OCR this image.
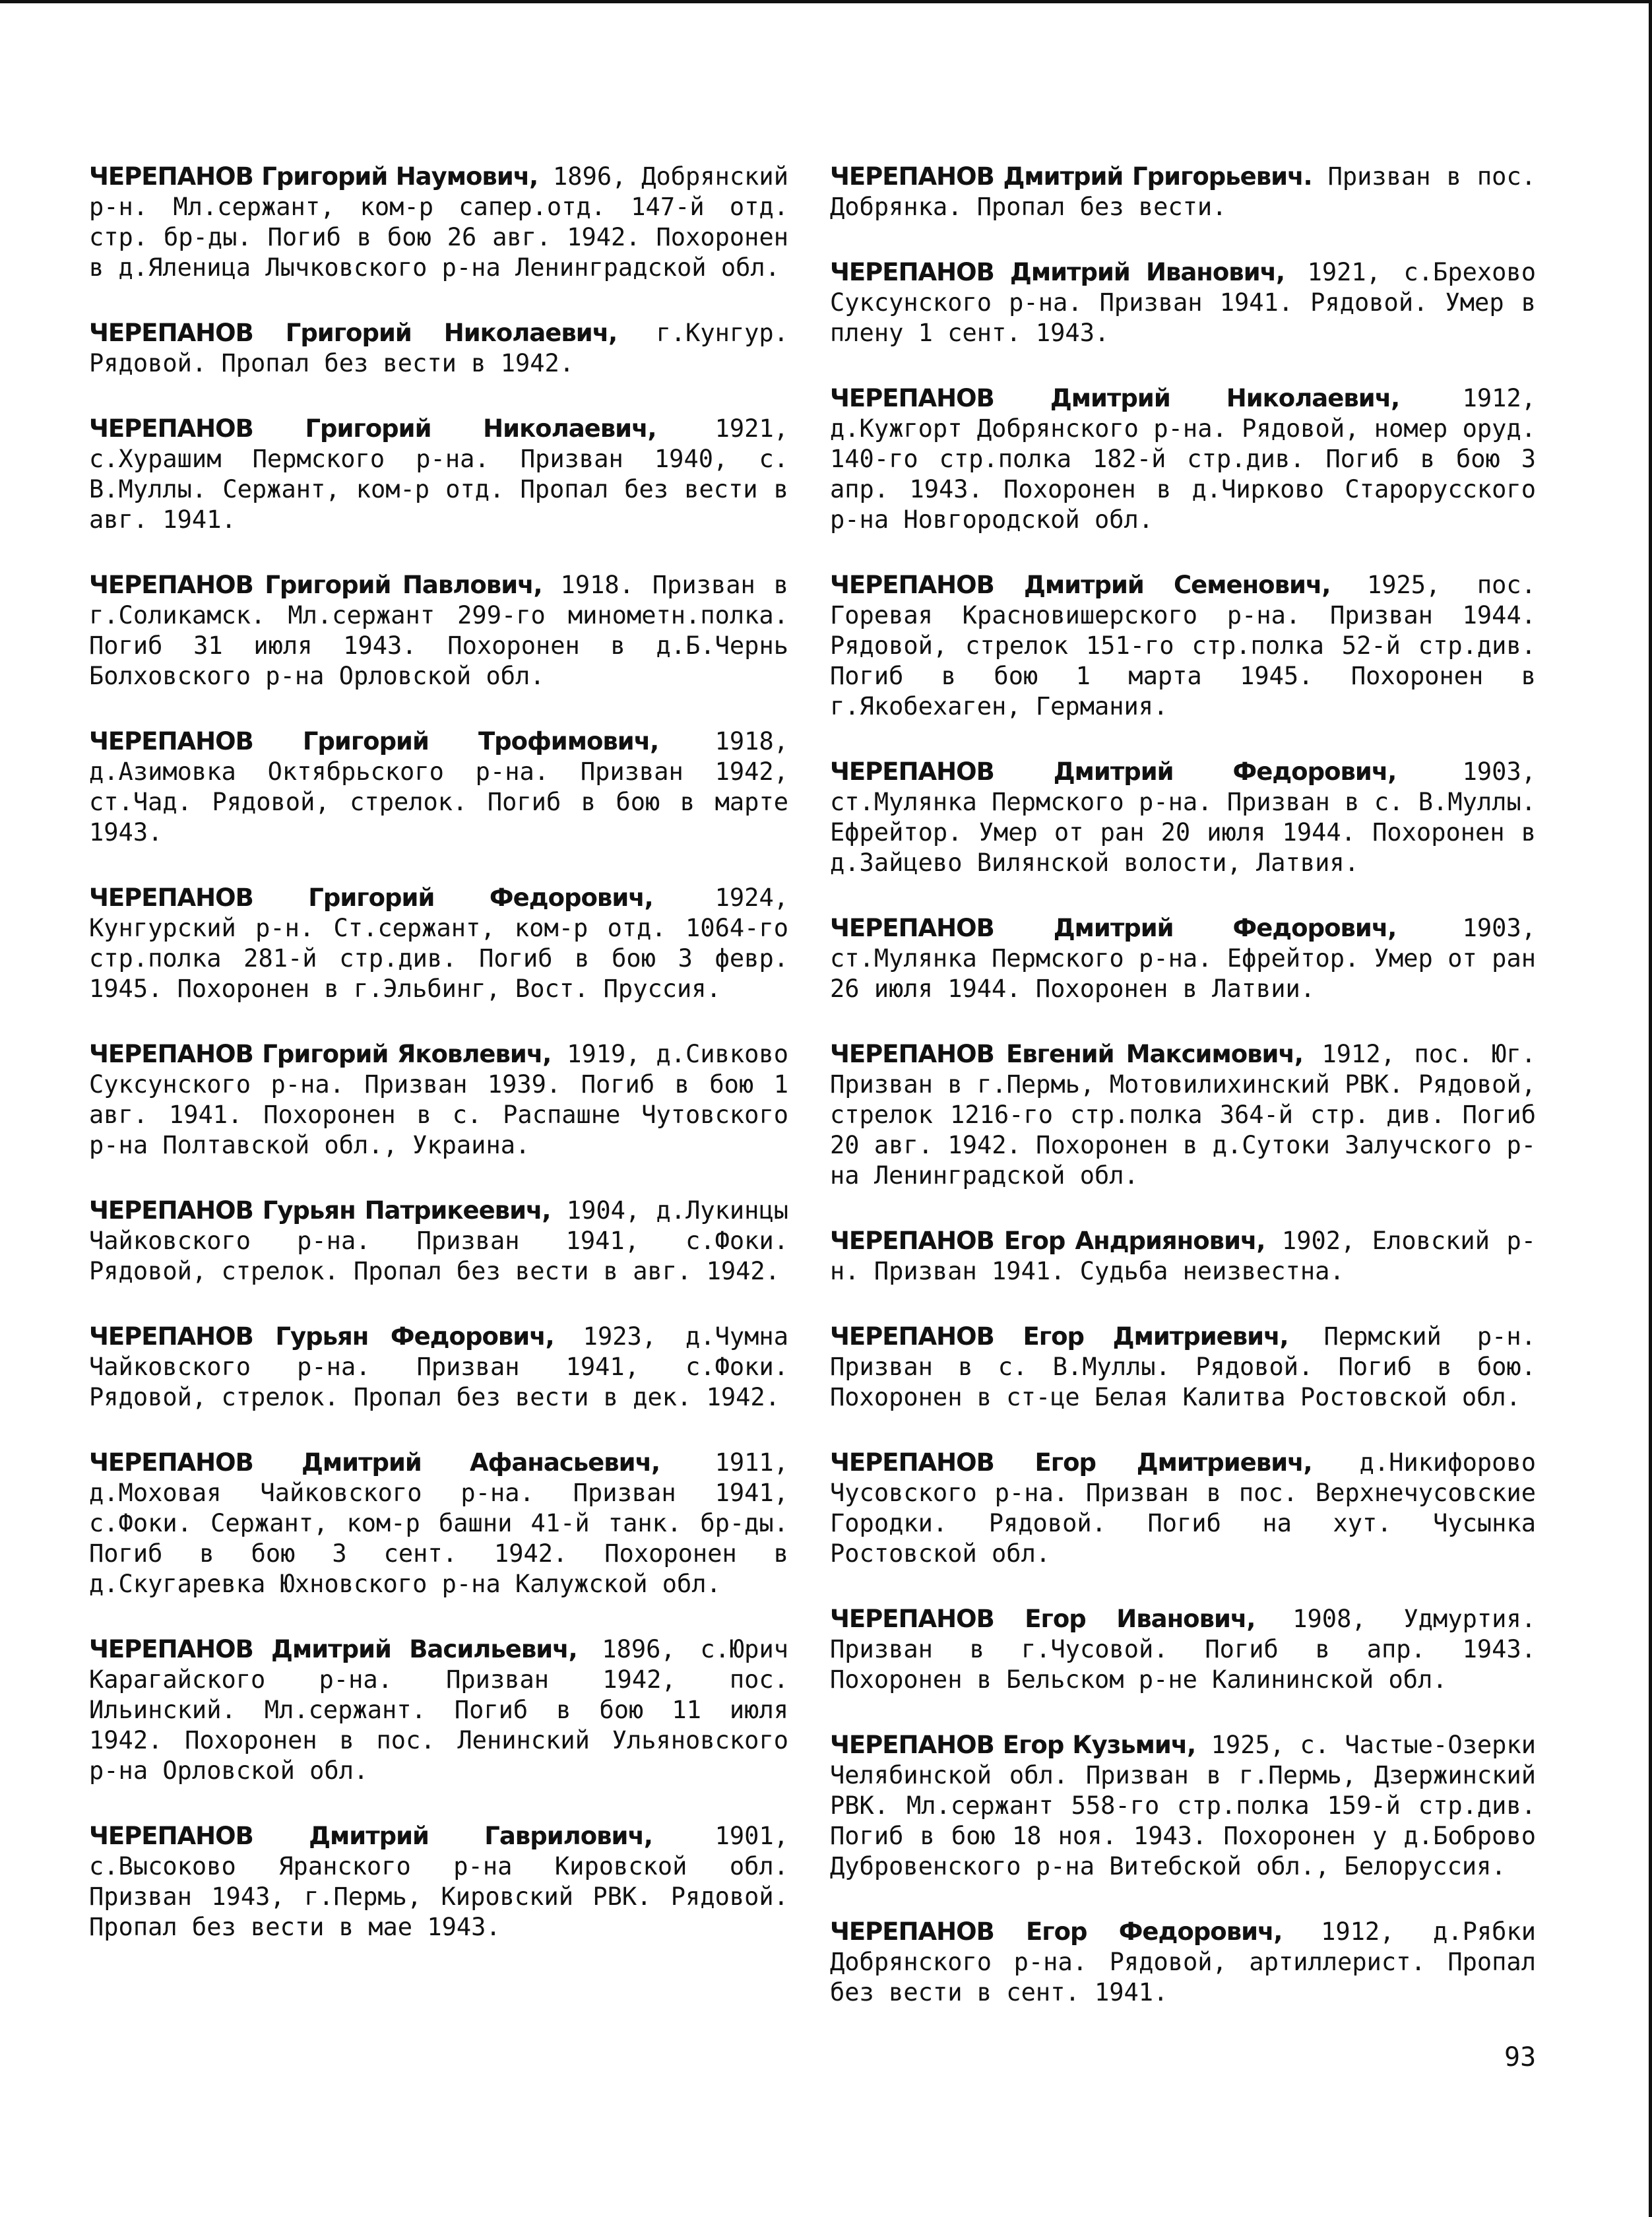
ЧЕРЕПАНОВ Григорий Наумович, 1896, Добрянский р-н. Мл.сержант, ком-р сапер.отд. 147-й отд. стр. бр-ды. Погиб в бою 26 авг. 1942. Похоронен в д.Яленица Лычковского р-на Ленинградской обл.

ЧЕРЕПАНОВ Григорий Николаевич, г.Кунгур. Рядовой. Пропал без вести в 1942.

ЧЕРЕПАНОВ Григорий Николаевич, 1921, с.Хурашим Пермского р-на. Призван 1940, с. В.Муллы. Сержант, ком-р отд. Пропал без вести в авг. 1941.

ЧЕРЕПАНОВ Григорий Павлович, 1918. Призван в г.Соликамск. Мл.сержант 299-го минометн.полка. Погиб 31 июля 1943. Похоронен в д.Б.Чернь Болховского р-на Орловской обл.

ЧЕРЕПАНОВ Григорий Трофимович, 1918, д.Азимовка Октябрьского р-на. Призван 1942, ст.Чад. Рядовой, стрелок. Погиб в бою в марте 1943.

ЧЕРЕПАНОВ Григорий Федорович, 1924, Кунгурский р-н. Ст.сержант, ком-р отд. 1064-го стр.полка 281-й стр.див. Погиб в бою 3 февр. 1945. Похоронен в г.Эльбинг, Вост. Пруссия.

ЧЕРЕПАНОВ Григорий Яковлевич, 1919, д.Сивково Суксунского р-на. Призван 1939. Погиб в бою 1 авг. 1941. Похоронен в с. Распашне Чутовского р-на Полтавской обл., Украина.

ЧЕРЕПАНОВ Гурьян Патрикеевич, 1904, д.Лукинцы Чайковского р-на. Призван 1941, с.Фоки. Рядовой, стрелок. Пропал без вести в авг. 1942.

ЧЕРЕПАНОВ Гурьян Федорович, 1923, д.Чумна Чайковского р-на. Призван 1941, с.Фоки. Рядовой, стрелок. Пропал без вести в дек. 1942.

ЧЕРЕПАНОВ Дмитрий Афанасьевич, 1911, д.Моховая Чайковского р-на. Призван 1941, с.Фоки. Сержант, ком-р башни 41-й танк. бр-ды. Погиб в бою 3 сент. 1942. Похоронен в д.Скугаревка Юхновского р-на Калужской обл.

ЧЕРЕПАНОВ Дмитрий Васильевич, 1896, с.Юрич Карагайского р-на. Призван 1942, пос. Ильинский. Мл.сержант. Погиб в бою 11 июля 1942. Похоронен в пос. Ленинский Ульяновского р-на Орловской обл.

ЧЕРЕПАНОВ Дмитрий Гаврилович, 1901, с.Высоково Яранского р-на Кировской обл. Призван 1943, г.Пермь, Кировский РВК. Рядовой. Пропал без вести в мае 1943.

ЧЕРЕПАНОВ Дмитрий Григорьевич. Призван в пос. Добрянка. Пропал без вести.

ЧЕРЕПАНОВ Дмитрий Иванович, 1921, с.Брехово Суксунского р-на. Призван 1941. Рядовой. Умер в плену 1 сент. 1943.

ЧЕРЕПАНОВ Дмитрий Николаевич, 1912, д.Кужгорт Добрянского р-на. Рядовой, номер оруд. 140-го стр.полка 182-й стр.див. Погиб в бою 3 апр. 1943. Похоронен в д.Чирково Старорусского р-на Новгородской обл.

ЧЕРЕПАНОВ Дмитрий Семенович, 1925, пос. Горевая Красновишерского р-на. Призван 1944. Рядовой, стрелок 151-го стр.полка 52-й стр.див. Погиб в бою 1 марта 1945. Похоронен в г.Якобехаген, Германия.

ЧЕРЕПАНОВ Дмитрий Федорович, 1903, ст.Мулянка Пермского р-на. Призван в с. В.Муллы. Ефрейтор. Умер от ран 20 июля 1944. Похоронен в д.Зайцево Вилянской волости, Латвия.

ЧЕРЕПАНОВ Дмитрий Федорович, 1903, ст.Мулянка Пермского р-на. Ефрейтор. Умер от ран 26 июля 1944. Похоронен в Латвии.

ЧЕРЕПАНОВ Евгений Максимович, 1912, пос. Юг. Призван в г.Пермь, Мотовилихинский РВК. Рядовой, стрелок 1216-го стр.полка 364-й стр. див. Погиб 20 авг. 1942. Похоронен в д.Сутоки Залучского р-на Ленинградской обл.

ЧЕРЕПАНОВ Егор Андриянович, 1902, Еловский р-н. Призван 1941. Судьба неизвестна.

ЧЕРЕПАНОВ Егор Дмитриевич, Пермский р-н. Призван в с. В.Муллы. Рядовой. Погиб в бою. Похоронен в ст-це Белая Калитва Ростовской обл.

ЧЕРЕПАНОВ Егор Дмитриевич, д.Никифорово Чусовского р-на. Призван в пос. Верхнечусовские Городки. Рядовой. Погиб на хут. Чусынка Ростовской обл.

ЧЕРЕПАНОВ Егор Иванович, 1908, Удмуртия. Призван в г.Чусовой. Погиб в апр. 1943. Похоронен в Бельском р-не Калининской обл.

ЧЕРЕПАНОВ Егор Кузьмич, 1925, с. Частые-Озерки Челябинской обл. Призван в г.Пермь, Дзержинский РВК. Мл.сержант 558-го стр.полка 159-й стр.див. Погиб в бою 18 ноя. 1943. Похоронен у д.Боброво Дубровенского р-на Витебской обл., Белоруссия.

ЧЕРЕПАНОВ Егор Федорович, 1912, д.Рябки Добрянского р-на. Рядовой, артиллерист. Пропал без вести в сент. 1941.

93
